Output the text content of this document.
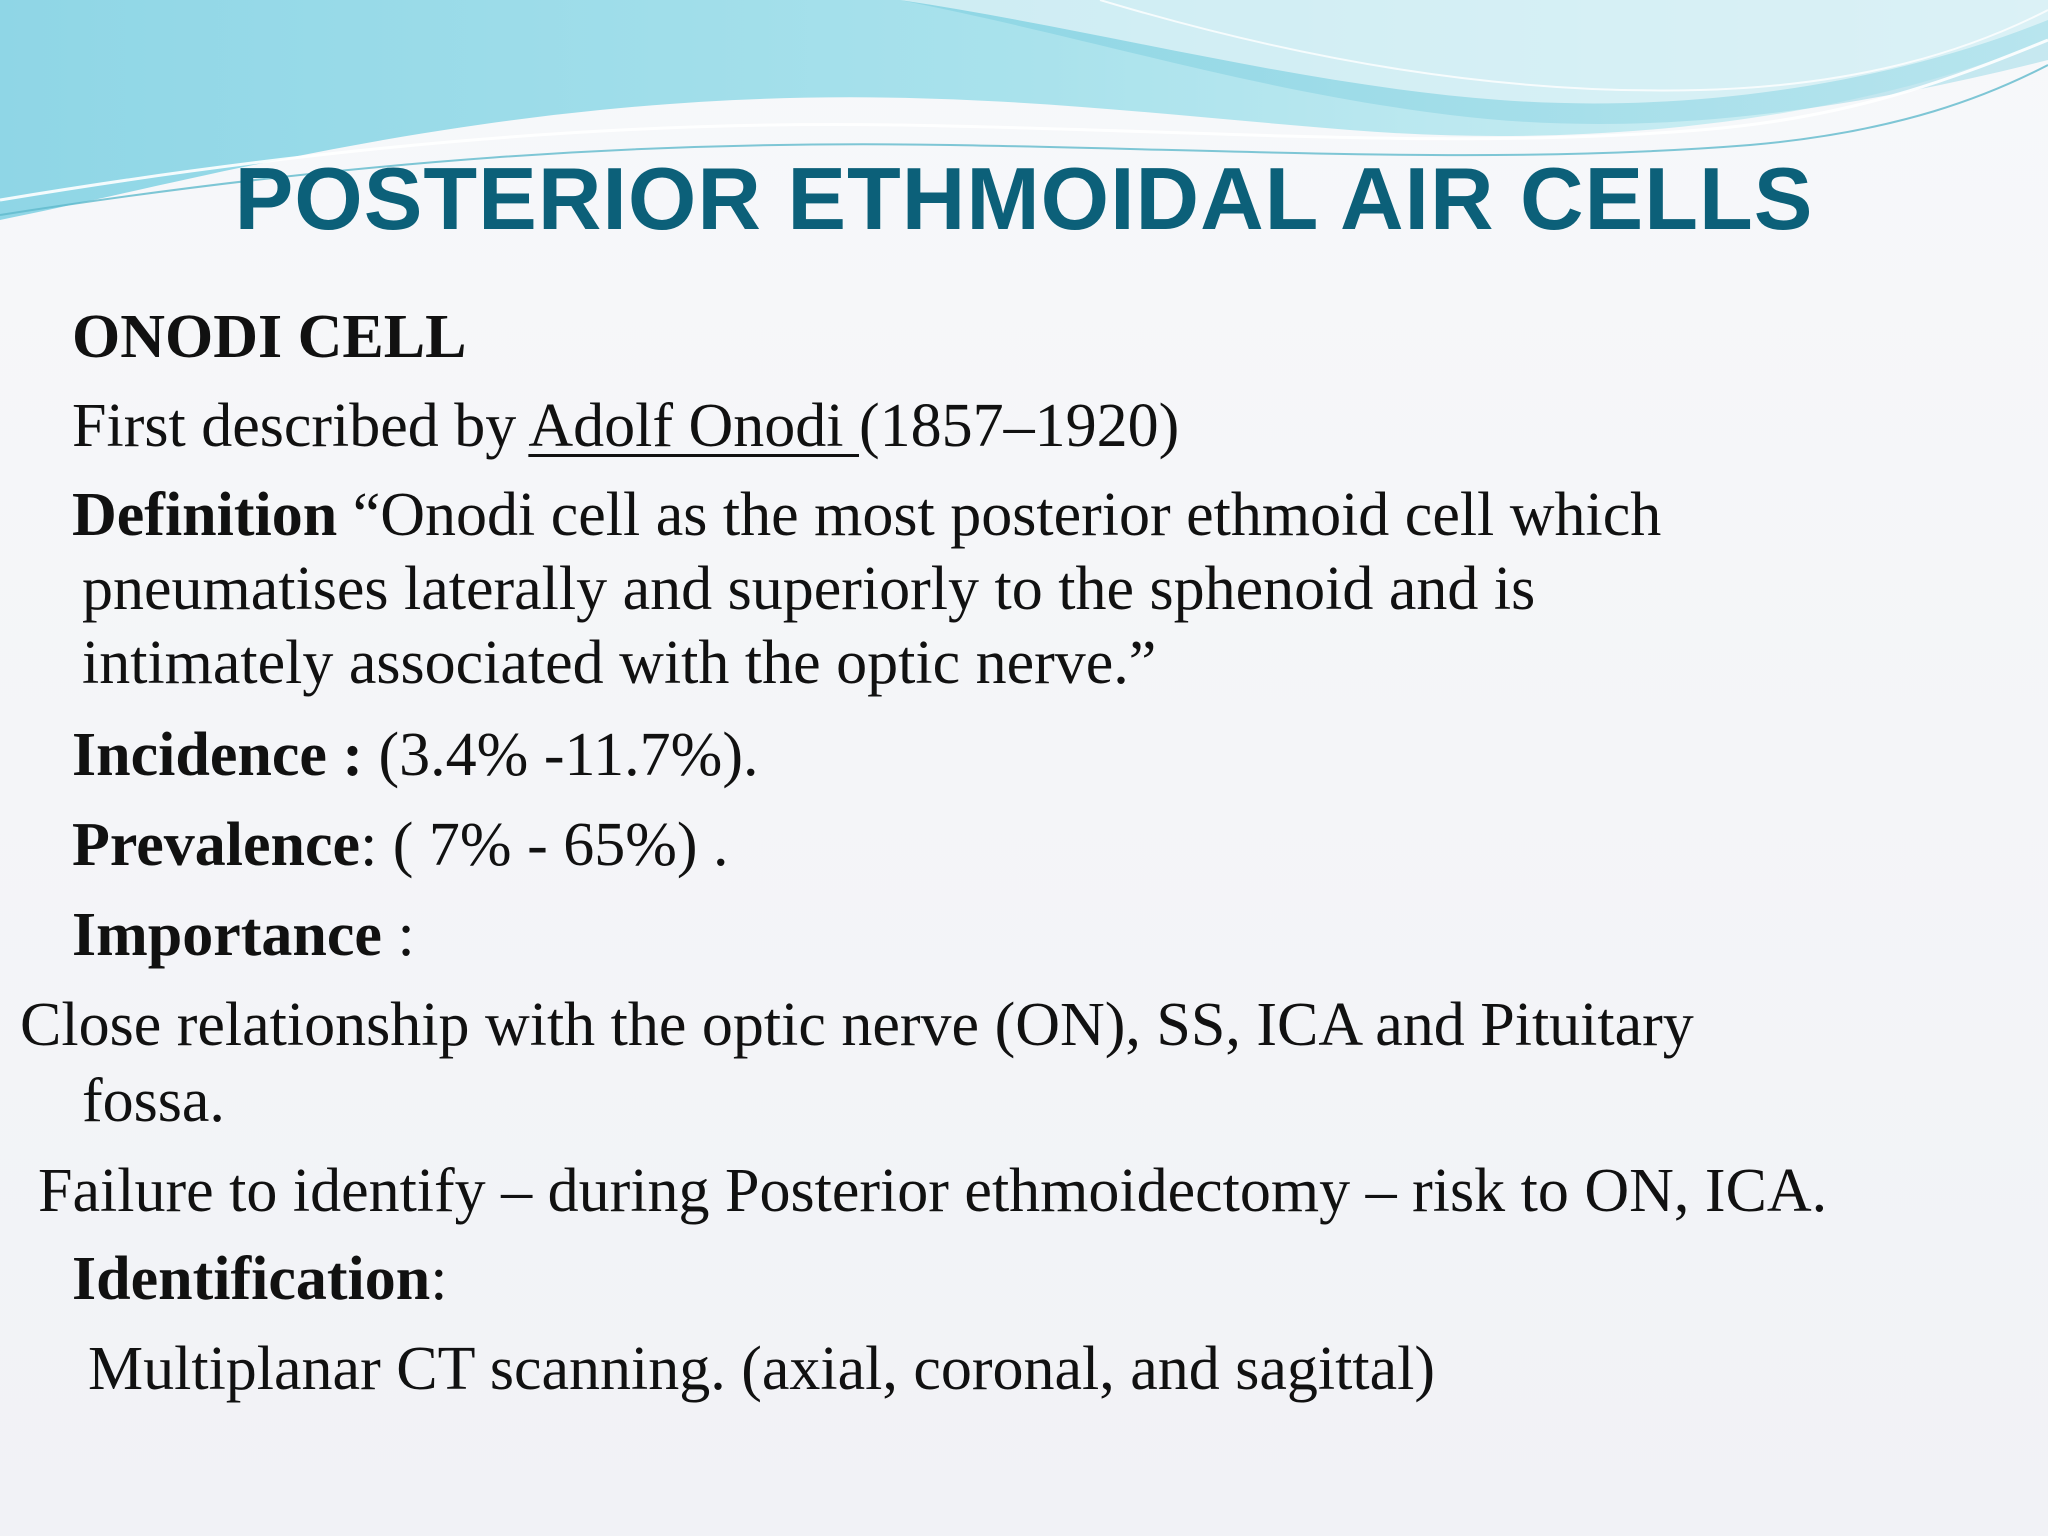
POSTERIOR ETHMOIDAL AIR CELLS

ONODI CELL

First described by Adolf Onodi (1857–1920)

Definition “Onodi cell as the most posterior ethmoid cell which

pneumatises laterally and superiorly to the sphenoid and is

intimately associated with the optic nerve.”

Incidence : (3.4% -11.7%).

Prevalence: ( 7% - 65%) .

Importance :

Close relationship with the optic nerve (ON), SS, ICA and Pituitary

fossa.

Failure to identify – during Posterior ethmoidectomy – risk to ON, ICA.

Identification:

Multiplanar CT scanning. (axial, coronal, and sagittal)
